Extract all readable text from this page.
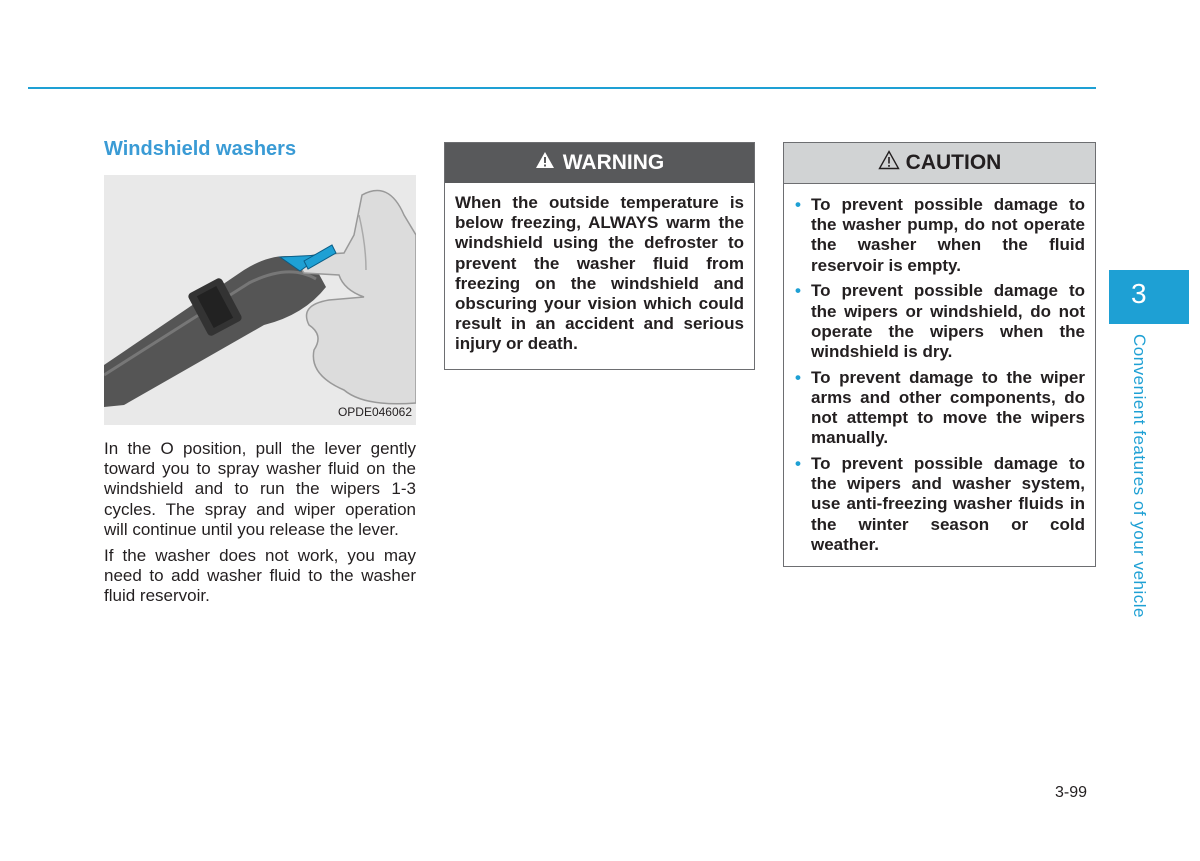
Windshield washers
OPDE046062

In the O position, pull the lever gently toward you to spray washer fluid on the windshield and to run the wipers 1-3 cycles. The spray and wiper operation will continue until you release the lever.

If the washer does not work, you may need to add washer fluid to the washer fluid reservoir.

WARNING
When the outside temperature is below freezing, ALWAYS warm the windshield using the defroster to prevent the washer fluid from freezing on the windshield and obscuring your vision which could result in an accident and serious injury or death.
CAUTION
• To prevent possible damage to the washer pump, do not operate the washer when the fluid reservoir is empty.
• To prevent possible damage to the wipers or windshield, do not operate the wipers when the windshield is dry.
• To prevent damage to the wiper arms and other components, do not attempt to move the wipers manually.
• To prevent possible damage to the wipers and washer system, use anti-freezing washer fluids in the winter season or cold weather.
3
Convenient features of your vehicle
3-99
